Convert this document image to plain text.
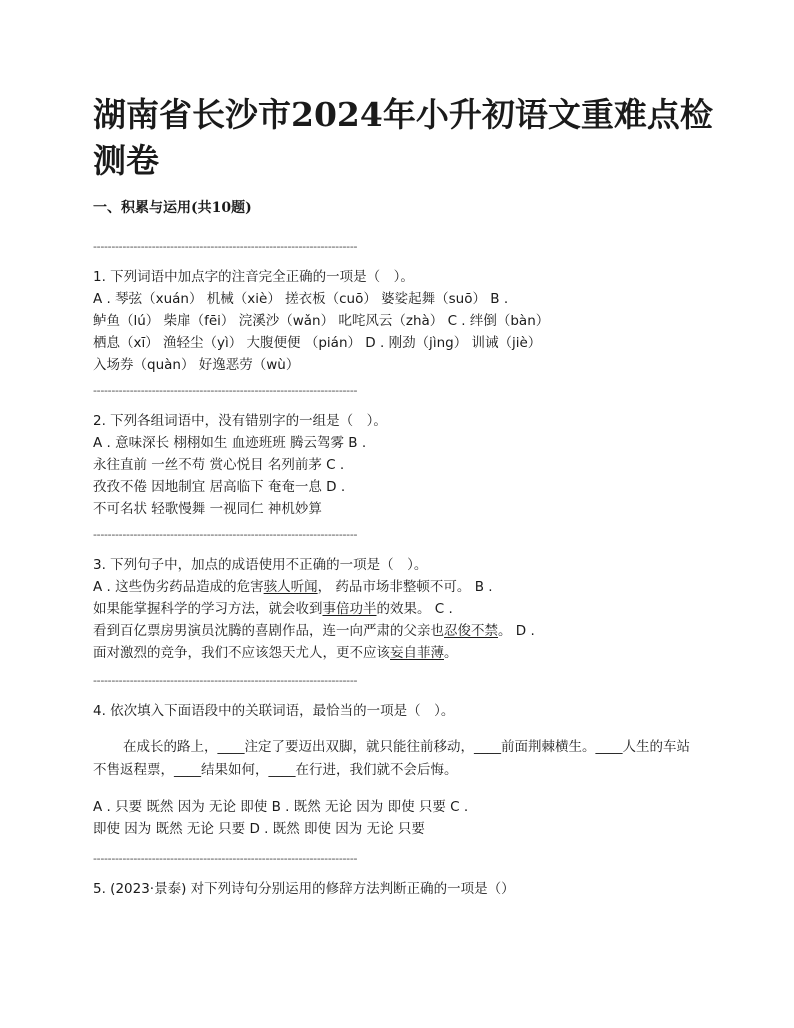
湖南省长沙市2024年小升初语文重难点检测卷
一、积累与运用(共10题)
------------------------------------------------------------------------
1. 下列词语中加点字的注音完全正确的一项是（　）。
A . 琴弦（xuán） 机械（xiè） 搓衣板（cuō） 婆娑起舞（suō） B .
鲈鱼（lú） 柴扉（fēi） 浣溪沙（wǎn） 叱咤风云（zhà） C . 绊倒（bàn）
栖息（xī） 渔轻尘（yì） 大腹便便 （pián） D . 刚劲（jìng） 训诫（jiè）
入场券（quàn） 好逸恶劳（wù）
------------------------------------------------------------------------
2. 下列各组词语中，没有错别字的一组是（　）。
A . 意味深长 栩栩如生 血迹班班 腾云驾雾 B .
永往直前 一丝不苟 赏心悦目 名列前茅 C .
孜孜不倦 因地制宜 居高临下 奄奄一息 D .
不可名状 轻歌慢舞 一视同仁 神机妙算
------------------------------------------------------------------------
3. 下列句子中，加点的成语使用不正确的一项是（　）。
A . 这些伪劣药品造成的危害骇人听闻， 药品市场非整顿不可。 B .
如果能掌握科学的学习方法，就会收到事倍功半的效果。 C .
看到百亿票房男演员沈腾的喜剧作品，连一向严肃的父亲也忍俊不禁。 D .
面对激烈的竞争，我们不应该怨天尤人，更不应该妄自菲薄。
------------------------------------------------------------------------
4. 依次填入下面语段中的关联词语，最恰当的一项是（　）。
在成长的路上，____注定了要迈出双脚，就只能往前移动，____前面荆棘横生。____人生的车站不售返程票，____结果如何，____在行进，我们就不会后悔。
A . 只要 既然 因为 无论 即使 B . 既然 无论 因为 即使 只要 C .
即使 因为 既然 无论 只要 D . 既然 即使 因为 无论 只要
------------------------------------------------------------------------
5. (2023·景泰) 对下列诗句分别运用的修辞方法判断正确的一项是（）
